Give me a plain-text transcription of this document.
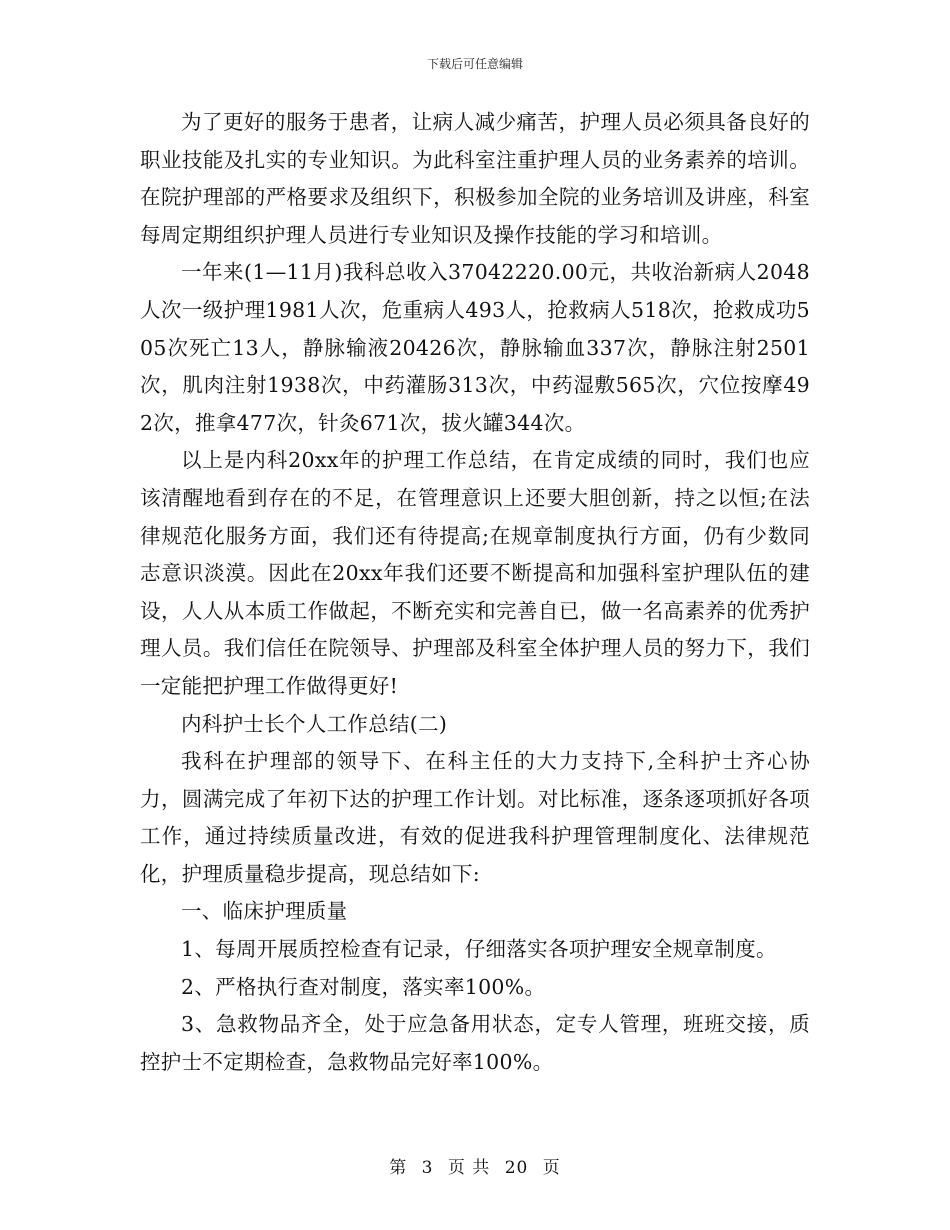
下载后可任意编辑

为了更好的服务于患者，让病人减少痛苦，护理人员必须具备良好的职业技能及扎实的专业知识。为此科室注重护理人员的业务素养的培训。在院护理部的严格要求及组织下，积极参加全院的业务培训及讲座，科室每周定期组织护理人员进行专业知识及操作技能的学习和培训。

一年来(1—11月)我科总收入37042220.00元，共收治新病人2048人次一级护理1981人次，危重病人493人，抢救病人518次，抢救成功505次死亡13人，静脉输液20426次，静脉输血337次，静脉注射2501次，肌肉注射1938次，中药灌肠313次，中药湿敷565次，穴位按摩492次，推拿477次，针灸671次，拔火罐344次。

以上是内科20xx年的护理工作总结，在肯定成绩的同时，我们也应该清醒地看到存在的不足，在管理意识上还要大胆创新，持之以恒;在法律规范化服务方面，我们还有待提高;在规章制度执行方面，仍有少数同志意识淡漠。因此在20xx年我们还要不断提高和加强科室护理队伍的建设，人人从本质工作做起，不断充实和完善自已，做一名高素养的优秀护理人员。我们信任在院领导、护理部及科室全体护理人员的努力下，我们一定能把护理工作做得更好!

内科护士长个人工作总结(二)

我科在护理部的领导下、在科主任的大力支持下,全科护士齐心协力，圆满完成了年初下达的护理工作计划。对比标准，逐条逐项抓好各项工作，通过持续质量改进，有效的促进我科护理管理制度化、法律规范化，护理质量稳步提高，现总结如下:

一、临床护理质量

1、每周开展质控检查有记录，仔细落实各项护理安全规章制度。

2、严格执行查对制度，落实率100%。

3、急救物品齐全，处于应急备用状态，定专人管理，班班交接，质控护士不定期检查，急救物品完好率100%。

第 3 页 共 20 页
